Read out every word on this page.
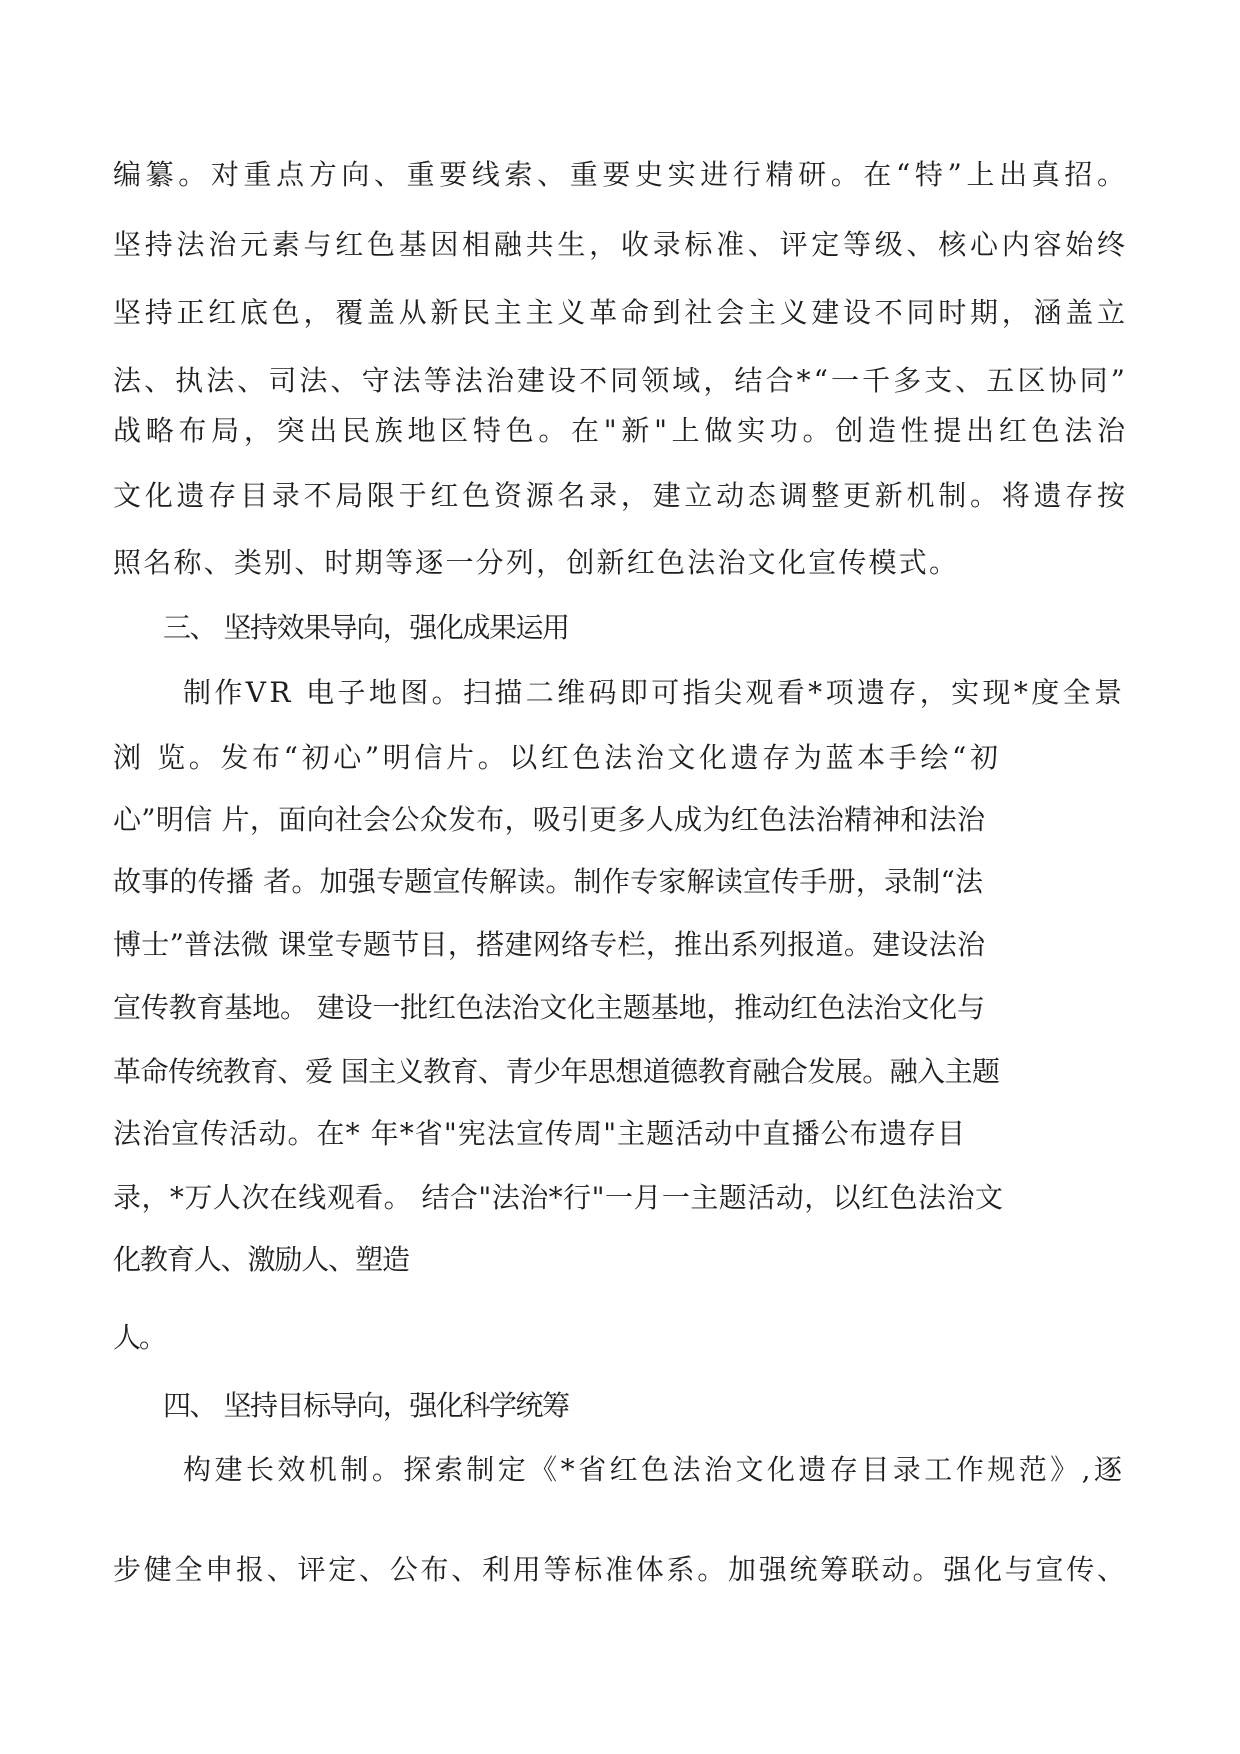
编纂。对重点方向、重要线索、重要史实进行精研。在“特”上出真招。
坚持法治元素与红色基因相融共生，收录标准、评定等级、核心内容始终
坚持正红底色，覆盖从新民主主义革命到社会主义建设不同时期，涵盖立
法、执法、司法、守法等法治建设不同领域，结合*“一千多支、五区协同”
战略布局，突出民族地区特色。在"新"上做实功。创造性提出红色法治
文化遗存目录不局限于红色资源名录，建立动态调整更新机制。将遗存按
照名称、类别、时期等逐一分列，创新红色法治文化宣传模式。
三、 坚持效果导向，强化成果运用
制作VR 电子地图。扫描二维码即可指尖观看*项遗存，实现*度全景
浏 览。发布“初心”明信片。以红色法治文化遗存为蓝本手绘“初
心”明信 片，面向社会公众发布，吸引更多人成为红色法治精神和法治
故事的传播 者。加强专题宣传解读。制作专家解读宣传手册，录制“法
博士”普法微 课堂专题节目，搭建网络专栏，推出系列报道。建设法治
宣传教育基地。 建设一批红色法治文化主题基地，推动红色法治文化与
革命传统教育、爱 国主义教育、青少年思想道德教育融合发展。融入主题
法治宣传活动。在* 年*省"宪法宣传周"主题活动中直播公布遗存目
录，*万人次在线观看。 结合"法治*行"一月一主题活动，以红色法治文
化教育人、激励人、塑造
人。
四、 坚持目标导向，强化科学统筹
构建长效机制。探索制定《*省红色法治文化遗存目录工作规范》,逐
步健全申报、评定、公布、利用等标准体系。加强统筹联动。强化与宣传、
